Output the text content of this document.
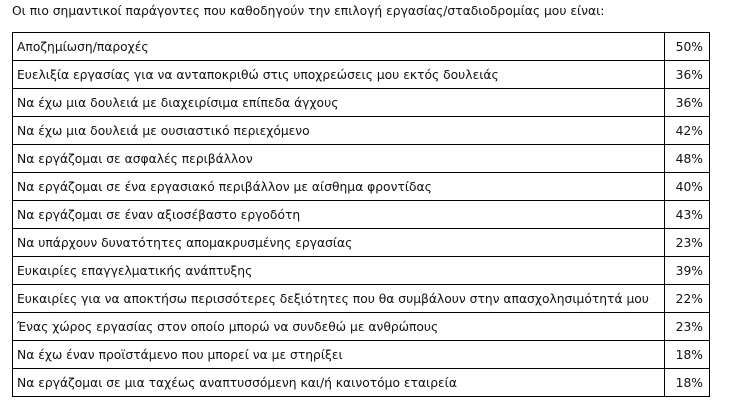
Οι πιο σημαντικοί παράγοντες που καθοδηγούν την επιλογή εργασίας/σταδιοδρομίας μου είναι:
Αποζημίωση/παροχές	50%
Ευελιξία εργασίας για να ανταποκριθώ στις υποχρεώσεις μου εκτός δουλειάς	36%
Να έχω μια δουλειά με διαχειρίσιμα επίπεδα άγχους	36%
Να έχω μια δουλειά με ουσιαστικό περιεχόμενο	42%
Να εργάζομαι σε ασφαλές περιβάλλον	48%
Να εργάζομαι σε ένα εργασιακό περιβάλλον με αίσθημα φροντίδας	40%
Να εργάζομαι σε έναν αξιοσέβαστο εργοδότη	43%
Να υπάρχουν δυνατότητες απομακρυσμένης εργασίας	23%
Ευκαιρίες επαγγελματικής ανάπτυξης	39%
Ευκαιρίες για να αποκτήσω περισσότερες δεξιότητες που θα συμβάλουν στην απασχολησιμότητά μου	22%
Ένας χώρος εργασίας στον οποίο μπορώ να συνδεθώ με ανθρώπους	23%
Να έχω έναν προϊστάμενο που μπορεί να με στηρίξει	18%
Να εργάζομαι σε μια ταχέως αναπτυσσόμενη και/ή καινοτόμο εταιρεία	18%
